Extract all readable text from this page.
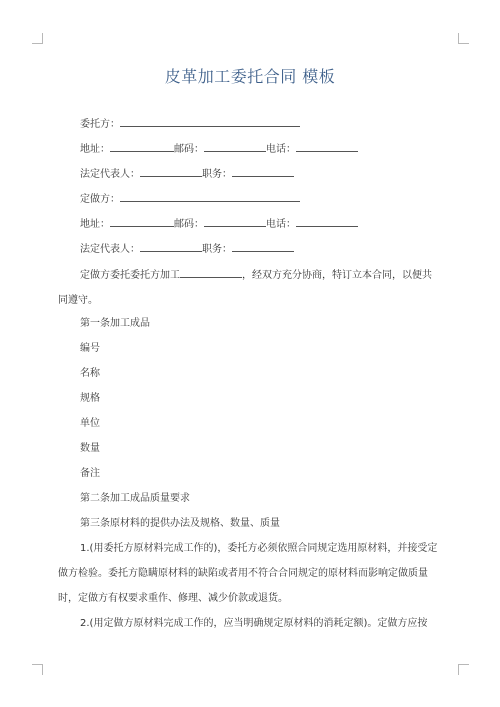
皮革加工委托合同 模板
委托方：
地址：	邮码：	电话：
法定代表人：	职务：
定做方：
地址：	邮码：	电话：
法定代表人：	职务：
定做方委托委托方加工	，经双方充分协商，特订立本合同，以便共
同遵守。
第一条加工成品
编号
名称
规格
单位
数量
备注
第二条加工成品质量要求
第三条原材料的提供办法及规格、数量、质量
1.(用委托方原材料完成工作的)，委托方必须依照合同规定选用原材料，并接受定
做方检验。委托方隐瞒原材料的缺陷或者用不符合合同规定的原材料而影响定做质量
时，定做方有权要求重作、修理、减少价款或退货。
2.(用定做方原材料完成工作的，应当明确规定原材料的消耗定额)。定做方应按
